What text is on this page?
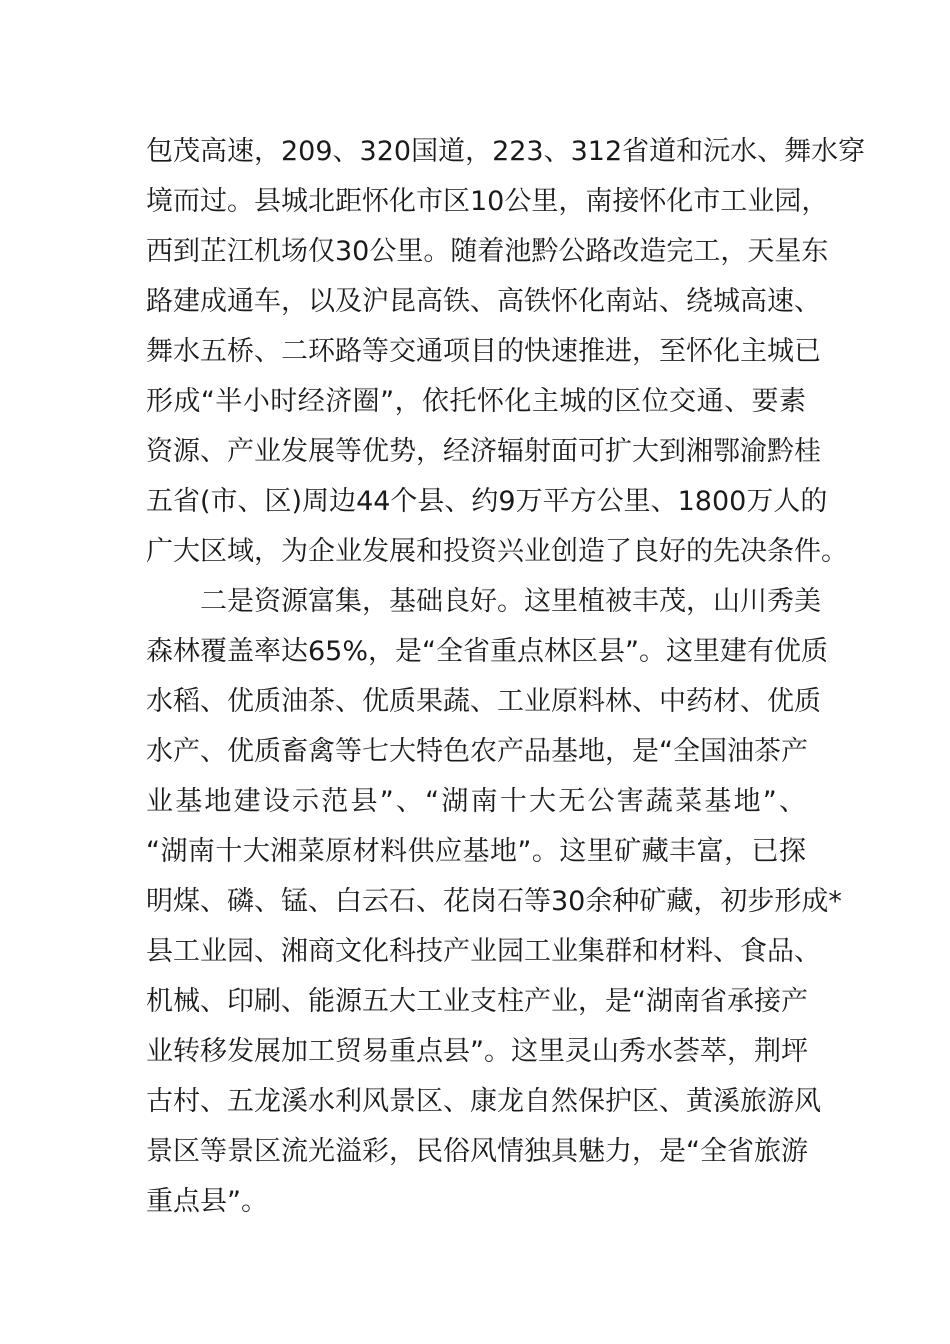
包茂高速，209、320国道，223、312省道和沅水、舞水穿
境而过。县城北距怀化市区10公里，南接怀化市工业园，
西到芷江机场仅30公里。随着池黔公路改造完工，天星东
路建成通车，以及沪昆高铁、高铁怀化南站、绕城高速、
舞水五桥、二环路等交通项目的快速推进，至怀化主城已
形成“半小时经济圈”，依托怀化主城的区位交通、要素
资源、产业发展等优势，经济辐射面可扩大到湘鄂渝黔桂
五省(市、区)周边44个县、约9万平方公里、1800万人的
广大区域，为企业发展和投资兴业创造了良好的先决条件。
二是资源富集，基础良好。这里植被丰茂，山川秀美
森林覆盖率达65%，是“全省重点林区县”。这里建有优质
水稻、优质油茶、优质果蔬、工业原料林、中药材、优质
水产、优质畜禽等七大特色农产品基地，是“全国油茶产
业基地建设示范县”、“湖南十大无公害蔬菜基地”、
“湖南十大湘菜原材料供应基地”。这里矿藏丰富，已探
明煤、磷、锰、白云石、花岗石等30余种矿藏，初步形成*
县工业园、湘商文化科技产业园工业集群和材料、食品、
机械、印刷、能源五大工业支柱产业，是“湖南省承接产
业转移发展加工贸易重点县”。这里灵山秀水荟萃，荆坪
古村、五龙溪水利风景区、康龙自然保护区、黄溪旅游风
景区等景区流光溢彩，民俗风情独具魅力，是“全省旅游
重点县”。
